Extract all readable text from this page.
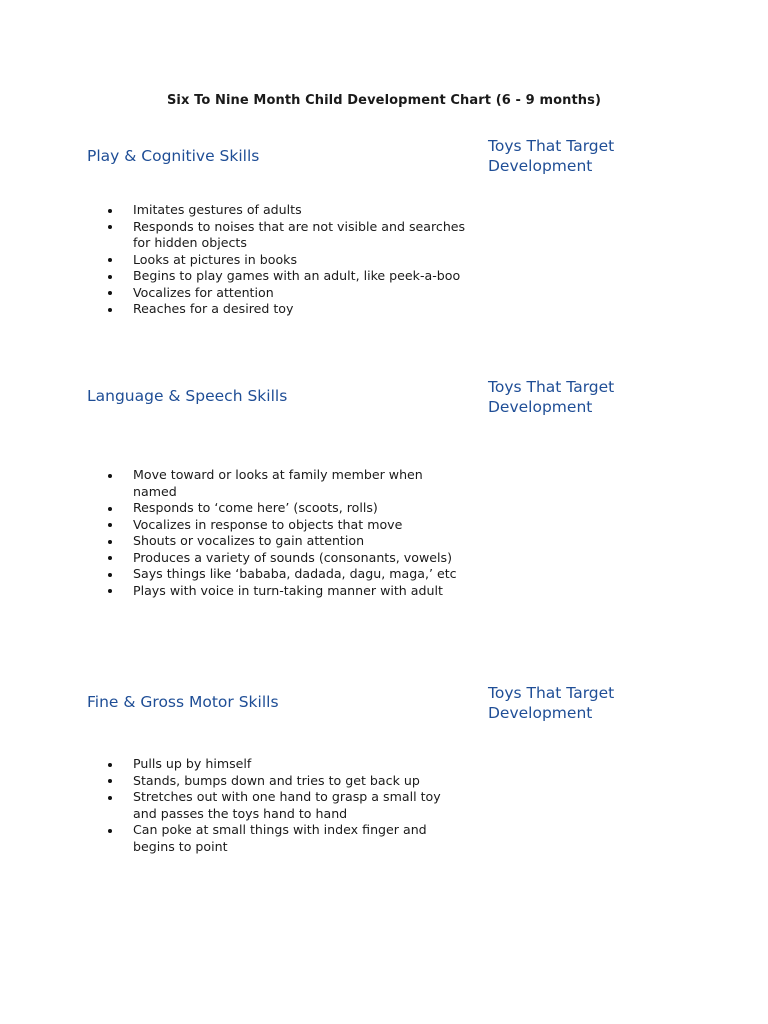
Six To Nine Month Child Development Chart (6 - 9 months)
Play & Cognitive Skills
Toys That Target
Development
Imitates gestures of adults
Responds to noises that are not visible and searches for hidden objects
Looks at pictures in books
Begins to play games with an adult, like peek-a-boo
Vocalizes for attention
Reaches for a desired toy
Language & Speech Skills	Toys That Target
Development
Move toward or looks at family member when named
Responds to ‘come here’ (scoots, rolls)
Vocalizes in response to objects that move
Shouts or vocalizes to gain attention
Produces a variety of sounds (consonants, vowels)
Says things like ‘bababa, dadada, dagu, maga,’ etc
Plays with voice in turn-taking manner with adult
Fine & Gross Motor Skills	Toys That Target
Development
Pulls up by himself
Stands, bumps down and tries to get back up
Stretches out with one hand to grasp a small toy and passes the toys hand to hand
Can poke at small things with index finger and begins to point
